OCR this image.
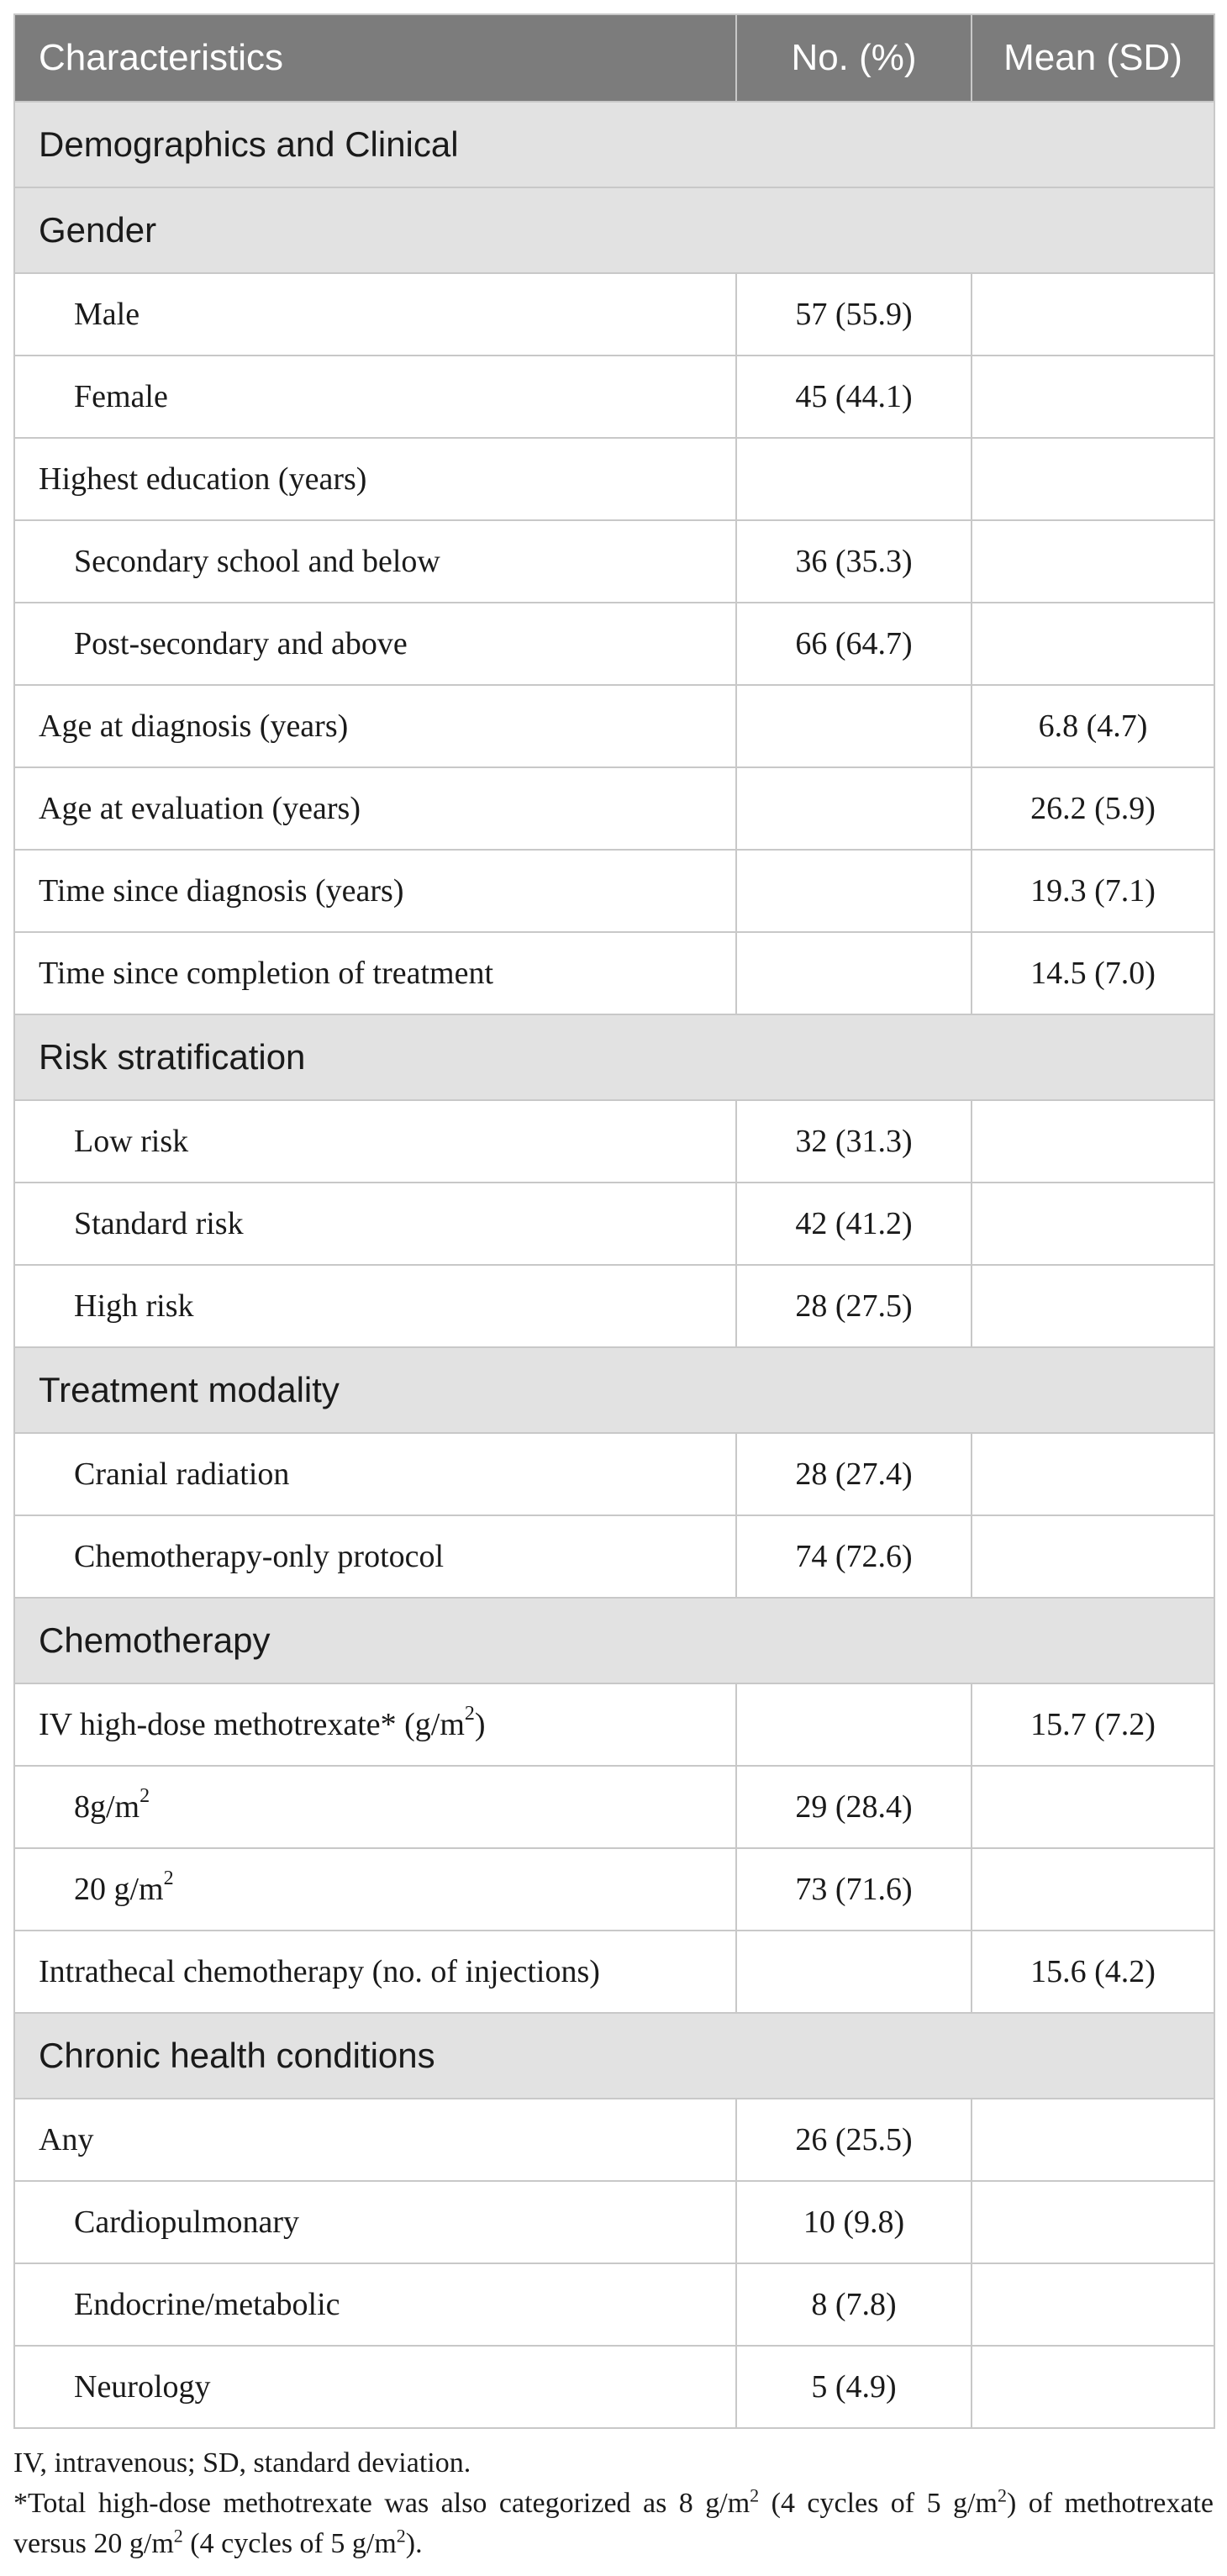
Characteristics	No. (%)	Mean (SD)
Demographics and Clinical		
Gender		
Male	57 (55.9)	
Female	45 (44.1)	
Highest education (years)		
Secondary school and below	36 (35.3)	
Post-secondary and above	66 (64.7)	
Age at diagnosis (years)		6.8 (4.7)
Age at evaluation (years)		26.2 (5.9)
Time since diagnosis (years)		19.3 (7.1)
Time since completion of treatment		14.5 (7.0)
Risk stratification		
Low risk	32 (31.3)	
Standard risk	42 (41.2)	
High risk	28 (27.5)	
Treatment modality		
Cranial radiation	28 (27.4)	
Chemotherapy-only protocol	74 (72.6)	
Chemotherapy		
IV high-dose methotrexate* $(g/m^2)$		15.7 (7.2)
$8g/m^2$	29 (28.4)	
20 $g/m^2$	73 (71.6)	
Intrathecal chemotherapy (no. of injections)		15.6 (4.2)
Chronic health conditions		
Any	26 (25.5)	
Cardiopulmonary	10 (9.8)	
Endocrine/metabolic	8 (7.8)	
Neurology	5 (4.9)	

IV, intravenous; SD, standard deviation.

*Total high-dose methotrexate was also categorized as 8 $g/m^2$ (4 cycles of 5 $g/m^2$) of methotrexate versus 20 $g/m^2$ (4 cycles of 5 $g/m^2$).
